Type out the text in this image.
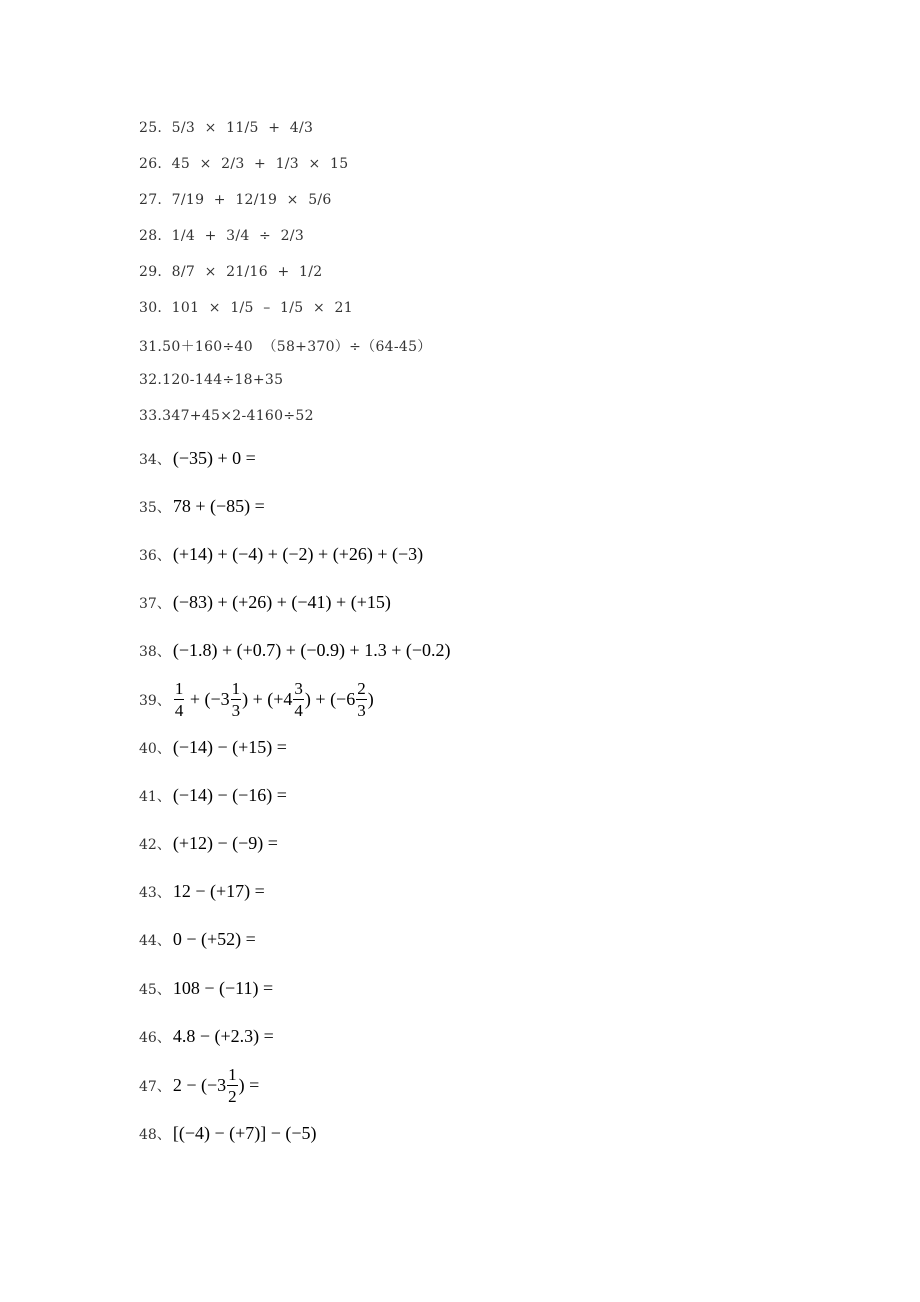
25.  5/3  ×  11/5  +  4/3
26.  45  ×  2/3  +  1/3  ×  15
27.  7/19  +  12/19  ×  5/6
28.  1/4  +  3/4  ÷  2/3
29.  8/7  ×  21/16  +  1/2
30.  101  ×  1/5  –  1/5  ×  21
31.50＋160÷40  （58+370）÷（64-45）
32.120-144÷18+35
33.347+45×2-4160÷52
34、 (−35) + 0 =
35、 78 + (−85) =
36、 (+14) + (−4) + (−2) + (+26) + (−3)
37、 (−83) + (+26) + (−41) + (+15)
38、 (−1.8) + (+0.7) + (−0.9) + 1.3 + (−0.2)
39、 $\frac{1}{4} + (-3 \frac{1}{3}$ ) + ($+4 \frac{3}{4}$ ) + ($-6 \frac{2}{3}$ )
40、 (−14) − (+15) =
41、 (−14) − (−16) =
42、 (+12) − (−9) =
43、 12 − (+17) =
44、 0 − (+52) =
45、 108 − (−11) =
46、 4.8 − (+2.3) =
47、 $2 - (-3 \frac{1}{2}$ ) =
48、 [(−4) − (+7)] − (−5)
